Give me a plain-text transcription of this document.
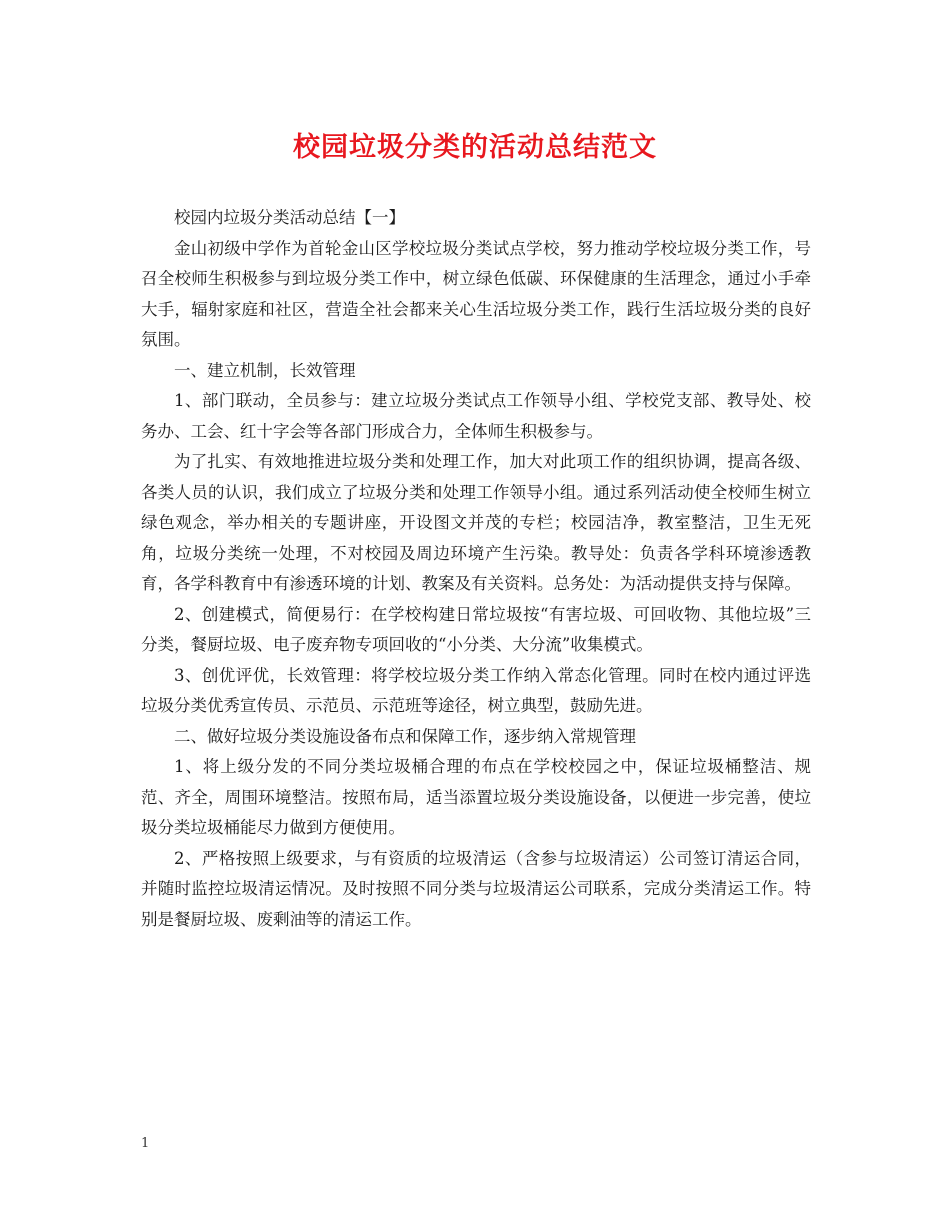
校园垃圾分类的活动总结范文

校园内垃圾分类活动总结【一】

金山初级中学作为首轮金山区学校垃圾分类试点学校，努力推动学校垃圾分类工作，号召全校师生积极参与到垃圾分类工作中，树立绿色低碳、环保健康的生活理念，通过小手牵大手，辐射家庭和社区，营造全社会都来关心生活垃圾分类工作，践行生活垃圾分类的良好氛围。

一、建立机制，长效管理

1、部门联动，全员参与：建立垃圾分类试点工作领导小组、学校党支部、教导处、校务办、工会、红十字会等各部门形成合力，全体师生积极参与。

为了扎实、有效地推进垃圾分类和处理工作，加大对此项工作的组织协调，提高各级、各类人员的认识，我们成立了垃圾分类和处理工作领导小组。通过系列活动使全校师生树立绿色观念，举办相关的专题讲座，开设图文并茂的专栏；校园洁净，教室整洁，卫生无死角，垃圾分类统一处理，不对校园及周边环境产生污染。教导处：负责各学科环境渗透教育，各学科教育中有渗透环境的计划、教案及有关资料。总务处：为活动提供支持与保障。

2、创建模式，简便易行：在学校构建日常垃圾按“有害垃圾、可回收物、其他垃圾”三分类，餐厨垃圾、电子废弃物专项回收的“小分类、大分流”收集模式。

3、创优评优，长效管理：将学校垃圾分类工作纳入常态化管理。同时在校内通过评选垃圾分类优秀宣传员、示范员、示范班等途径，树立典型，鼓励先进。

二、做好垃圾分类设施设备布点和保障工作，逐步纳入常规管理

1、将上级分发的不同分类垃圾桶合理的布点在学校校园之中，保证垃圾桶整洁、规范、齐全，周围环境整洁。按照布局，适当添置垃圾分类设施设备，以便进一步完善，使垃圾分类垃圾桶能尽力做到方便使用。

2、严格按照上级要求，与有资质的垃圾清运（含参与垃圾清运）公司签订清运合同，并随时监控垃圾清运情况。及时按照不同分类与垃圾清运公司联系，完成分类清运工作。特别是餐厨垃圾、废剩油等的清运工作。

1
